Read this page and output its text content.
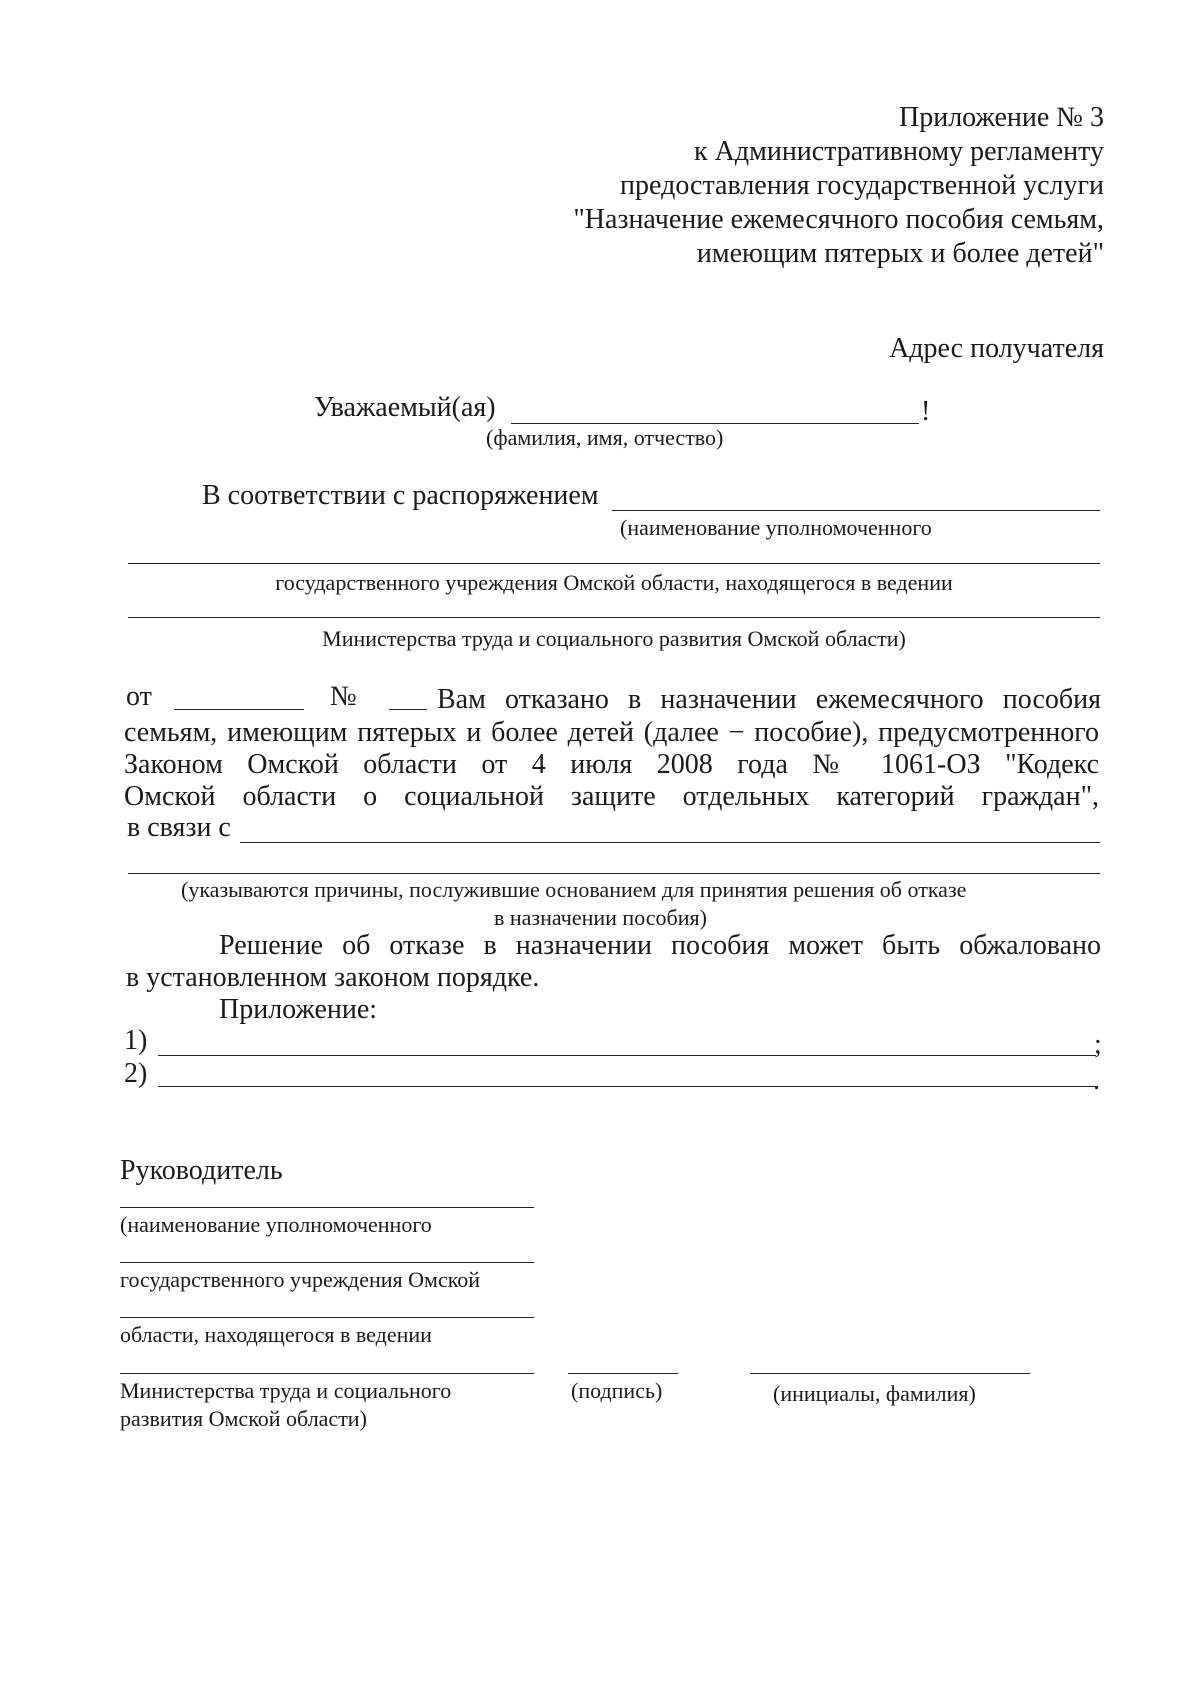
Приложение № 3
к Административному регламенту
предоставления государственной услуги
"Назначение ежемесячного пособия семьям,
имеющим пятерых и более детей"
Адрес получателя
Уважаемый(ая)	!
(фамилия, имя, отчество)
В соответствии с распоряжением
(наименование уполномоченного
государственного учреждения Омской области, находящегося в ведении
Министерства труда и социального развития Омской области)
от	№	Вам отказано в назначении ежемесячного пособия
семьям, имеющим пятерых и более детей (далее − пособие), предусмотренного
Законом Омской области от 4 июля 2008 года № 1061-ОЗ "Кодекс
Омской области о социальной защите отдельных категорий граждан",
в связи с
(указываются причины, послужившие основанием для принятия решения об отказе
в назначении пособия)
Решение об отказе в назначении пособия может быть обжаловано
в установленном законом порядке.
Приложение:
1)	;
2)	.
Руководитель
(наименование уполномоченного
государственного учреждения Омской
области, находящегося в ведении
Министерства труда и социального
развития Омской области)
(подпись)	(инициалы, фамилия)
